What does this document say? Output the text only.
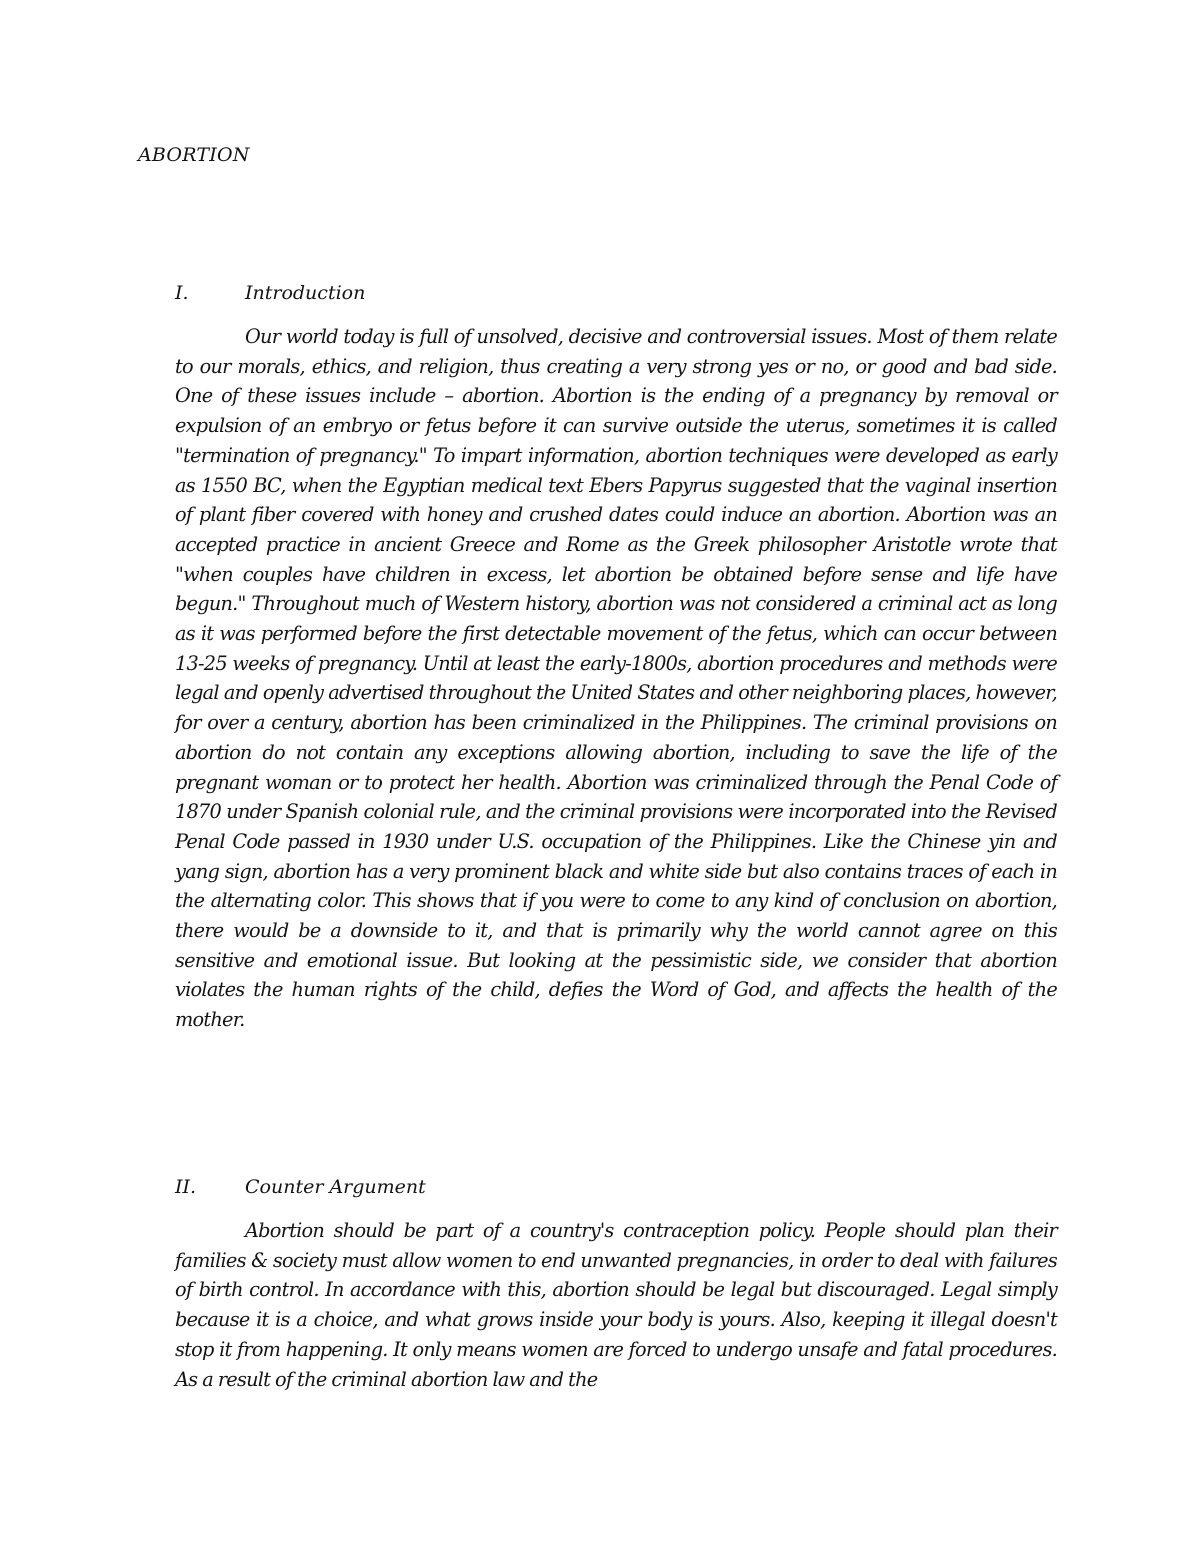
ABORTION
I.	Introduction

Our world today is full of unsolved, decisive and controversial issues. Most of them relate to our morals, ethics, and religion, thus creating a very strong yes or no, or good and bad side. One of these issues include – abortion. Abortion is the ending of a pregnancy by removal or expulsion of an embryo or fetus before it can survive outside the uterus, sometimes it is called "termination of pregnancy." To impart information, abortion techniques were developed as early as 1550 BC, when the Egyptian medical text Ebers Papyrus suggested that the vaginal insertion of plant fiber covered with honey and crushed dates could induce an abortion. Abortion was an accepted practice in ancient Greece and Rome as the Greek philosopher Aristotle wrote that "when couples have children in excess, let abortion be obtained before sense and life have begun." Throughout much of Western history, abortion was not considered a criminal act as long as it was performed before the first detectable movement of the fetus, which can occur between 13-25 weeks of pregnancy. Until at least the early-1800s, abortion procedures and methods were legal and openly advertised throughout the United States and other neighboring places, however, for over a century, abortion has been criminalized in the Philippines. The criminal provisions on abortion do not contain any exceptions allowing abortion, including to save the life of the pregnant woman or to protect her health. Abortion was criminalized through the Penal Code of 1870 under Spanish colonial rule, and the criminal provisions were incorporated into the Revised Penal Code passed in 1930 under U.S. occupation of the Philippines. Like the Chinese yin and yang sign, abortion has a very prominent black and white side but also contains traces of each in the alternating color. This shows that if you were to come to any kind of conclusion on abortion, there would be a downside to it, and that is primarily why the world cannot agree on this sensitive and emotional issue. But looking at the pessimistic side, we consider that abortion violates the human rights of the child, defies the Word of God, and affects the health of the mother.

II.	Counter Argument

Abortion should be part of a country's contraception policy. People should plan their families & society must allow women to end unwanted pregnancies, in order to deal with failures of birth control. In accordance with this, abortion should be legal but discouraged. Legal simply because it is a choice, and what grows inside your body is yours. Also, keeping it illegal doesn't stop it from happening. It only means women are forced to undergo unsafe and fatal procedures. As a result of the criminal abortion law and the
